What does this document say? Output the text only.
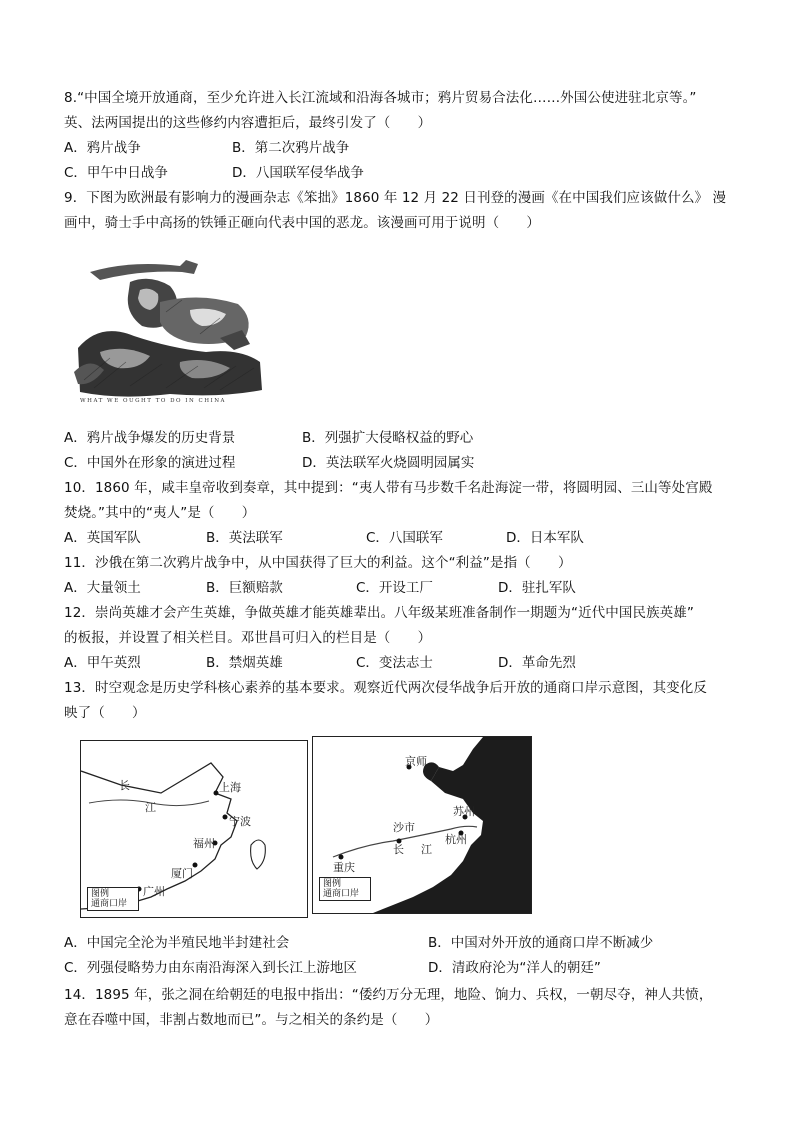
8.“中国全境开放通商，至少允许进入长江流域和沿海各城市；鸦片贸易合法化……外国公使进驻北京等。”
英、法两国提出的这些修约内容遭拒后，最终引发了（　　）
A．鸦片战争	B．第二次鸦片战争
C．甲午中日战争	D．八国联军侵华战争
9．下图为欧洲最有影响力的漫画杂志《笨拙》1860 年 12 月 22 日刊登的漫画《在中国我们应该做什么》 漫
画中，骑士手中高扬的铁锤正砸向代表中国的恶龙。该漫画可用于说明（　　）
WHAT WE OUGHT TO DO IN CHINA
A．鸦片战争爆发的历史背景	B．列强扩大侵略权益的野心
C．中国外在形象的演进过程	D．英法联军火烧圆明园属实
10．1860 年，咸丰皇帝收到奏章，其中提到：“夷人带有马步数千名赴海淀一带，将圆明园、三山等处宫殿
焚烧。”其中的“夷人”是（　　）
A．英国军队	B．英法联军	C．八国联军	D．日本军队
11．沙俄在第二次鸦片战争中，从中国获得了巨大的利益。这个“利益”是指（　　）
A．大量领土	B．巨额赔款	C．开设工厂	D．驻扎军队
12．崇尚英雄才会产生英雄，争做英雄才能英雄辈出。八年级某班准备制作一期题为“近代中国民族英雄”
的板报，并设置了相关栏目。邓世昌可归入的栏目是（　　）
A．甲午英烈	B．禁烟英雄	C．变法志士	D．革命先烈
13．时空观念是历史学科核心素养的基本要求。观察近代两次侵华战争后开放的通商口岸示意图，其变化反
映了（　　）
长
江
上海
宁波
福州
厦门
广州
图例
通商口岸
京师
沙市
苏州
长 江
杭州
重庆
图例
通商口岸
A．中国完全沦为半殖民地半封建社会	B．中国对外开放的通商口岸不断减少
C．列强侵略势力由东南沿海深入到长江上游地区	D．清政府沦为“洋人的朝廷”
14．1895 年，张之洞在给朝廷的电报中指出：“倭约万分无理，地险、饷力、兵权，一朝尽夺，神人共愤，
意在吞噬中国，非割占数地而已”。与之相关的条约是（　　）
